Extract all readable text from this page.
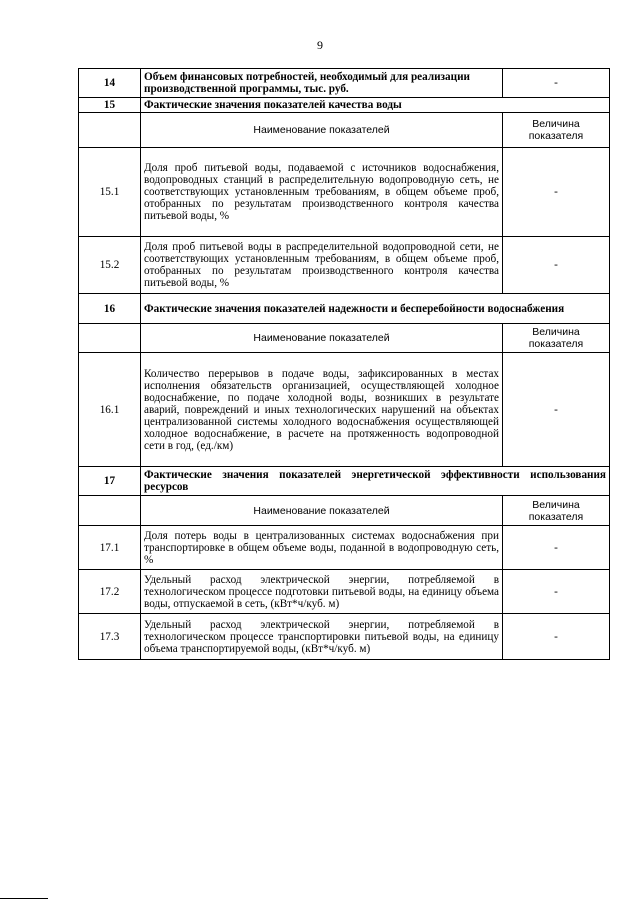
9
14	Объем финансовых потребностей, необходимый для реализации производственной программы, тыс. руб.	-
15	Фактические значения показателей качества воды	
	Наименование показателей	Величина показателя
15.1	Доля проб питьевой воды, подаваемой с источников водоснабжения, водопроводных станций в распределительную водопроводную сеть, не соответствующих установленным требованиям, в общем объеме проб, отобранных по результатам производственного контроля качества питьевой воды, %	-
15.2	Доля проб питьевой воды в распределительной водопроводной сети, не соответствующих установленным требованиям, в общем объеме проб, отобранных по результатам производственного контроля качества питьевой воды, %	-
16	Фактические значения показателей надежности и бесперебойности водоснабжения	
	Наименование показателей	Величина показателя
16.1	Количество перерывов в подаче воды, зафиксированных в местах исполнения обязательств организацией, осуществляющей холодное водоснабжение, по подаче холодной воды, возникших в результате аварий, повреждений и иных технологических нарушений на объектах централизованной системы холодного водоснабжения осуществляющей холодное водоснабжение, в расчете на протяженность водопроводной сети в год, (ед./км)	-
17	Фактические значения показателей энергетической эффективности использования ресурсов	
	Наименование показателей	Величина показателя
17.1	Доля потерь воды в централизованных системах водоснабжения при транспортировке в общем объеме воды, поданной в водопроводную сеть, %	-
17.2	Удельный расход электрической энергии, потребляемой в технологическом процессе подготовки питьевой воды, на единицу объема воды, отпускаемой в сеть, (кВт*ч/куб. м)	-
17.3	Удельный расход электрической энергии, потребляемой в технологическом процессе транспортировки питьевой воды, на единицу объема транспортируемой воды, (кВт*ч/куб. м)	-
